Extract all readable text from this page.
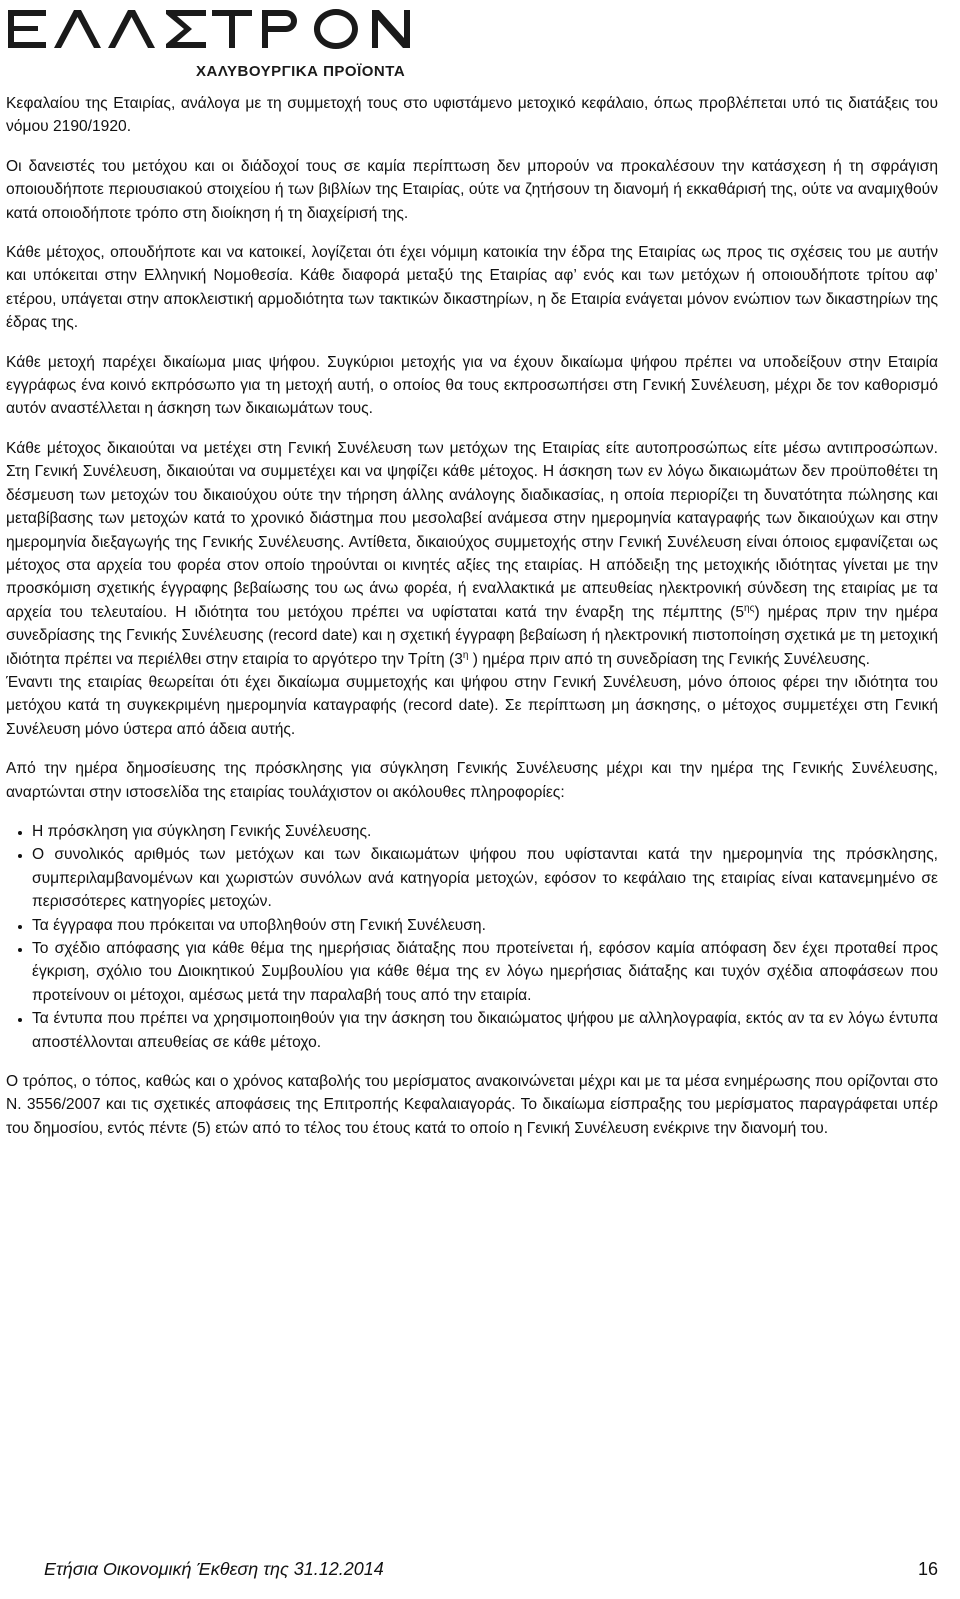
ΧΑΛΥΒΟΥΡΓΙΚΑ ΠΡΟΪΟΝΤΑ

Κεφαλαίου της Εταιρίας, ανάλογα με τη συμμετοχή τους στο υφιστάμενο μετοχικό κεφάλαιο, όπως προβλέπεται υπό τις διατάξεις του νόμου 2190/1920.

Οι δανειστές του μετόχου και οι διάδοχοί τους σε καμία περίπτωση δεν μπορούν να προκαλέσουν την κατάσχεση ή τη σφράγιση οποιουδήποτε περιουσιακού στοιχείου ή των βιβλίων της Εταιρίας, ούτε να ζητήσουν τη διανομή ή εκκαθάρισή της, ούτε να αναμιχθούν κατά οποιοδήποτε τρόπο στη διοίκηση ή τη διαχείρισή της.

Κάθε μέτοχος, οπουδήποτε και να κατοικεί, λογίζεται ότι έχει νόμιμη κατοικία την έδρα της Εταιρίας ως προς τις σχέσεις του με αυτήν και υπόκειται στην Ελληνική Νομοθεσία. Κάθε διαφορά μεταξύ της Εταιρίας αφ’ ενός και των μετόχων ή οποιουδήποτε τρίτου αφ’ ετέρου, υπάγεται στην αποκλειστική αρμοδιότητα των τακτικών δικαστηρίων, η δε Εταιρία ενάγεται μόνον ενώπιον των δικαστηρίων της έδρας της.

Κάθε μετοχή παρέχει δικαίωμα μιας ψήφου. Συγκύριοι μετοχής για να έχουν δικαίωμα ψήφου πρέπει να υποδείξουν στην Εταιρία εγγράφως ένα κοινό εκπρόσωπο για τη μετοχή αυτή, ο οποίος θα τους εκπροσωπήσει στη Γενική Συνέλευση, μέχρι δε τον καθορισμό αυτόν αναστέλλεται η άσκηση των δικαιωμάτων τους.

Κάθε μέτοχος δικαιούται να μετέχει στη Γενική Συνέλευση των μετόχων της Εταιρίας είτε αυτοπροσώπως είτε μέσω αντιπροσώπων. Στη Γενική Συνέλευση, δικαιούται να συμμετέχει και να ψηφίζει κάθε μέτοχος. Η άσκηση των εν λόγω δικαιωμάτων δεν προϋποθέτει τη δέσμευση των μετοχών του δικαιούχου ούτε την τήρηση άλλης ανάλογης διαδικασίας, η οποία περιορίζει τη δυνατότητα πώλησης και μεταβίβασης των μετοχών κατά το χρονικό διάστημα που μεσολαβεί ανάμεσα στην ημερομηνία καταγραφής των δικαιούχων και στην ημερομηνία διεξαγωγής της Γενικής Συνέλευσης. Αντίθετα, δικαιούχος συμμετοχής στην Γενική Συνέλευση είναι όποιος εμφανίζεται ως μέτοχος στα αρχεία του φορέα στον οποίο τηρούνται οι κινητές αξίες της εταιρίας. Η απόδειξη της μετοχικής ιδιότητας γίνεται με την προσκόμιση σχετικής έγγραφης βεβαίωσης του ως άνω φορέα, ή εναλλακτικά με απευθείας ηλεκτρονική σύνδεση της εταιρίας με τα αρχεία του τελευταίου. Η ιδιότητα του μετόχου πρέπει να υφίσταται κατά την έναρξη της πέμπτης $(5^{\eta\varsigma})$ ημέρας πριν την ημέρα συνεδρίασης της Γενικής Συνέλευσης (record date) και η σχετική έγγραφη βεβαίωση ή ηλεκτρονική πιστοποίηση σχετικά με τη μετοχική ιδιότητα πρέπει να περιέλθει στην εταιρία το αργότερο την Τρίτη ($3^\eta$ ) ημέρα πριν από τη συνεδρίαση της Γενικής Συνέλευσης.

Έναντι της εταιρίας θεωρείται ότι έχει δικαίωμα συμμετοχής και ψήφου στην Γενική Συνέλευση, μόνο όποιος φέρει την ιδιότητα του μετόχου κατά τη συγκεκριμένη ημερομηνία καταγραφής (record date). Σε περίπτωση μη άσκησης, ο μέτοχος συμμετέχει στη Γενική Συνέλευση μόνο ύστερα από άδεια αυτής.

Από την ημέρα δημοσίευσης της πρόσκλησης για σύγκληση Γενικής Συνέλευσης μέχρι και την ημέρα της Γενικής Συνέλευσης, αναρτώνται στην ιστοσελίδα της εταιρίας τουλάχιστον οι ακόλουθες πληροφορίες:

• Η πρόσκληση για σύγκληση Γενικής Συνέλευσης.
• Ο συνολικός αριθμός των μετόχων και των δικαιωμάτων ψήφου που υφίστανται κατά την ημερομηνία της πρόσκλησης, συμπεριλαμβανομένων και χωριστών συνόλων ανά κατηγορία μετοχών, εφόσον το κεφάλαιο της εταιρίας είναι κατανεμημένο σε περισσότερες κατηγορίες μετοχών.
• Τα έγγραφα που πρόκειται να υποβληθούν στη Γενική Συνέλευση.
• Το σχέδιο απόφασης για κάθε θέμα της ημερήσιας διάταξης που προτείνεται ή, εφόσον καμία απόφαση δεν έχει προταθεί προς έγκριση, σχόλιο του Διοικητικού Συμβουλίου για κάθε θέμα της εν λόγω ημερήσιας διάταξης και τυχόν σχέδια αποφάσεων που προτείνουν οι μέτοχοι, αμέσως μετά την παραλαβή τους από την εταιρία.
• Τα έντυπα που πρέπει να χρησιμοποιηθούν για την άσκηση του δικαιώματος ψήφου με αλληλογραφία, εκτός αν τα εν λόγω έντυπα αποστέλλονται απευθείας σε κάθε μέτοχο.

Ο τρόπος, ο τόπος, καθώς και ο χρόνος καταβολής του μερίσματος ανακοινώνεται μέχρι και με τα μέσα ενημέρωσης που ορίζονται στο Ν. 3556/2007 και τις σχετικές αποφάσεις της Επιτροπής Κεφαλαιαγοράς. Το δικαίωμα είσπραξης του μερίσματος παραγράφεται υπέρ του δημοσίου, εντός πέντε (5) ετών από το τέλος του έτους κατά το οποίο η Γενική Συνέλευση ενέκρινε την διανομή του.

Ετήσια Οικονομική Έκθεση της 31.12.2014	16
